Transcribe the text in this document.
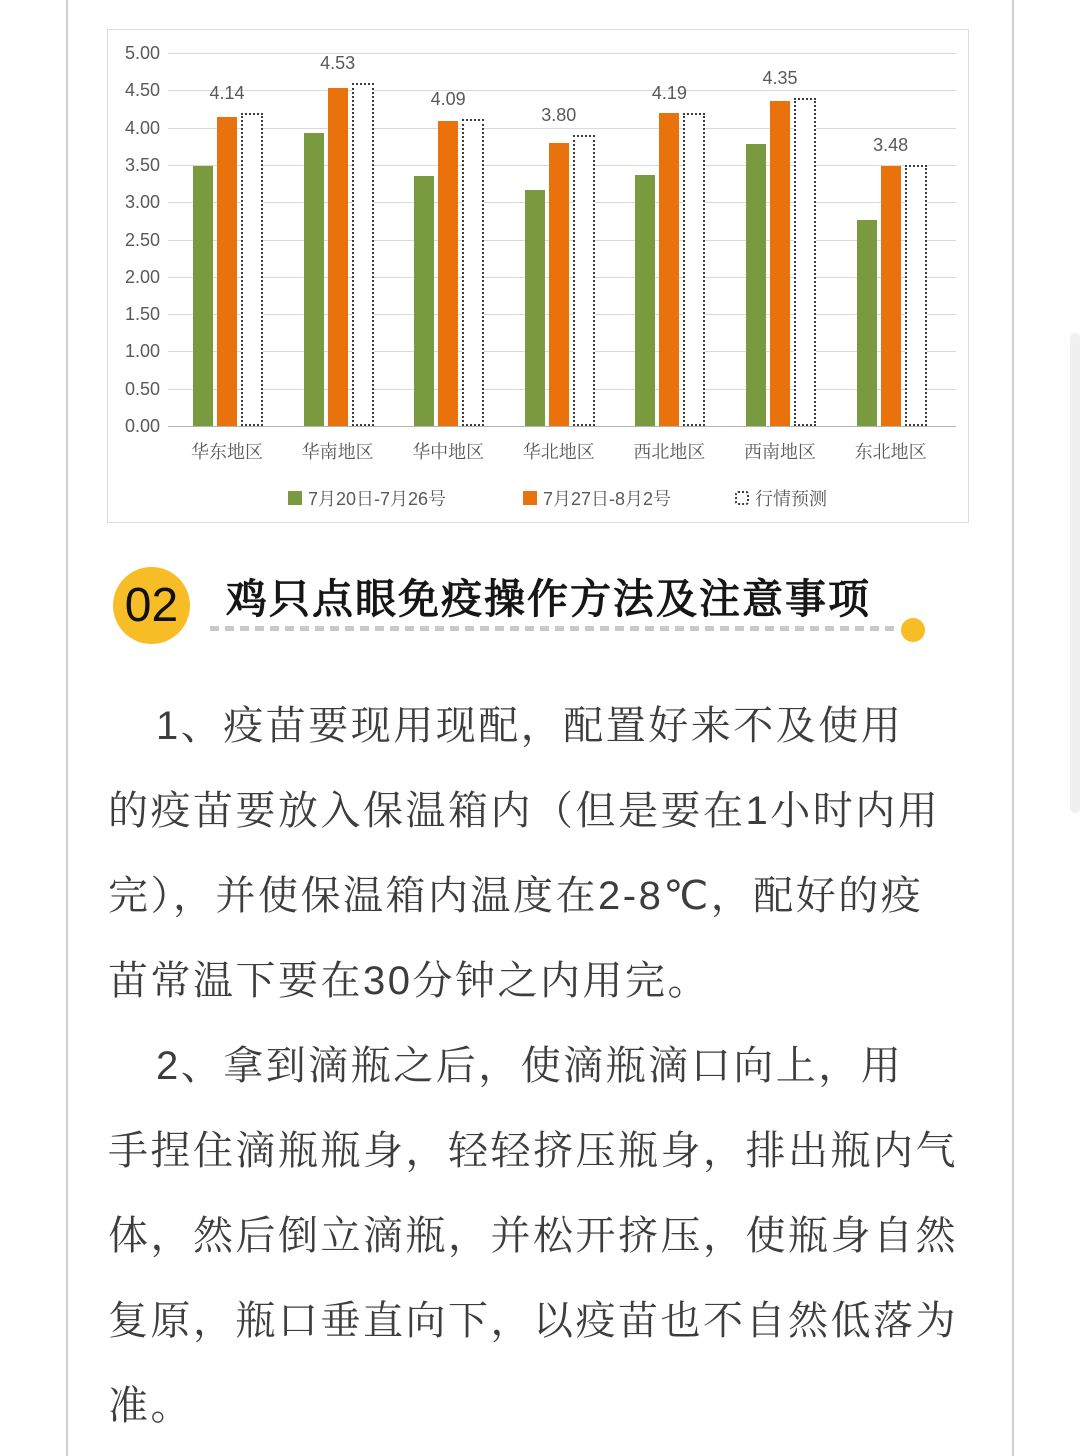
0.00
0.50
1.00
1.50
2.00
2.50
3.00
3.50
4.00
4.50
5.00
4.14
华东地区
4.53
华南地区
4.09
华中地区
3.80
华北地区
4.19
西北地区
4.35
西南地区
3.48
东北地区
7月20日-7月26号	7月27日-8月2号	行情预测
02 鸡只点眼免疫操作方法及注意事项
1、疫苗要现用现配，配置好来不及使用
的疫苗要放入保温箱内（但是要在1小时内用
完），并使保温箱内温度在2-8℃，配好的疫
苗常温下要在30分钟之内用完。
2、拿到滴瓶之后，使滴瓶滴口向上，用
手捏住滴瓶瓶身，轻轻挤压瓶身，排出瓶内气
体，然后倒立滴瓶，并松开挤压，使瓶身自然
复原，瓶口垂直向下，以疫苗也不自然低落为
准。
